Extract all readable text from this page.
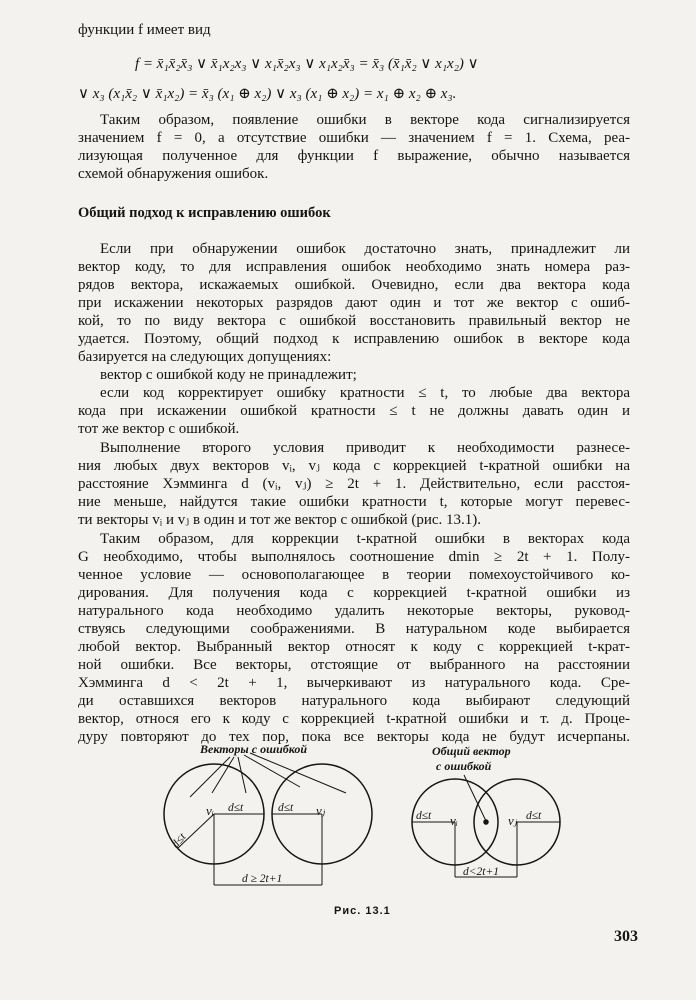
функции f имеет вид
f = x̄₁x̄₂x̄₃ ∨ x̄₁x₂x₃ ∨ x₁x̄₂x₃ ∨ x₁x₂x̄₃ = x̄₃ (x̄₁x̄₂ ∨ x₁x₂) ∨
∨ x₃ (x₁x̄₂ ∨ x̄₁x₂) = x̄₃ (x₁ ⊕ x₂) ∨ x₃ (x₁ ⊕ x₂) = x₁ ⊕ x₂ ⊕ x₃.
Таким образом, появление ошибки в векторе кода сигнализируется
значением f = 0, а отсутствие ошибки — значением f = 1. Схема, реа-
лизующая полученное для функции f выражение, обычно называется
схемой обнаружения ошибок.
Общий подход к исправлению ошибок
Если при обнаружении ошибок достаточно знать, принадлежит ли
вектор коду, то для исправления ошибок необходимо знать номера раз-
рядов вектора, искажаемых ошибкой. Очевидно, если два вектора кода
при искажении некоторых разрядов дают один и тот же вектор с ошиб-
кой, то по виду вектора с ошибкой восстановить правильный вектор не
удается. Поэтому, общий подход к исправлению ошибок в векторе кода
базируется на следующих допущениях:
вектор с ошибкой коду не принадлежит;
если код корректирует ошибку кратности ≤ t, то любые два вектора
кода при искажении ошибкой кратности ≤ t не должны давать один и
тот же вектор с ошибкой.
Выполнение второго условия приводит к необходимости разнесе-
ния любых двух векторов vᵢ, vⱼ кода с коррекцией t-кратной ошибки на
расстояние Хэмминга d (vᵢ, vⱼ) ≥ 2t + 1. Действительно, если расстоя-
ние меньше, найдутся такие ошибки кратности t, которые могут перевес-
ти векторы vᵢ и vⱼ в один и тот же вектор с ошибкой (рис. 13.1).
Таким образом, для коррекции t-кратной ошибки в векторах кода
G необходимо, чтобы выполнялось соотношение dmin ≥ 2t + 1. Полу-
ченное условие — основополагающее в теории помехоустойчивого ко-
дирования. Для получения кода с коррекцией t-кратной ошибки из
натурального кода необходимо удалить некоторые векторы, руковод-
ствуясь следующими соображениями. В натуральном коде выбирается
любой вектор. Выбранный вектор относят к коду с коррекцией t-крат-
ной ошибки. Все векторы, отстоящие от выбранного на расстоянии
Хэмминга d < 2t + 1, вычеркивают из натурального кода. Сре-
ди оставшихся векторов натурального кода выбирают следующий
вектор, относя его к коду с коррекцией t-кратной ошибки и т. д. Проце-
дуру повторяют до тех пор, пока все векторы кода не будут исчерпаны.
Векторы с ошибкой
vᵢ	vⱼ
d≤t	d≤t
d≤t
d ≥ 2t+1
Общий вектор
с ошибкой
d≤t	d≤t
vᵢ	vⱼ
d<2t+1
Рис. 13.1
303
